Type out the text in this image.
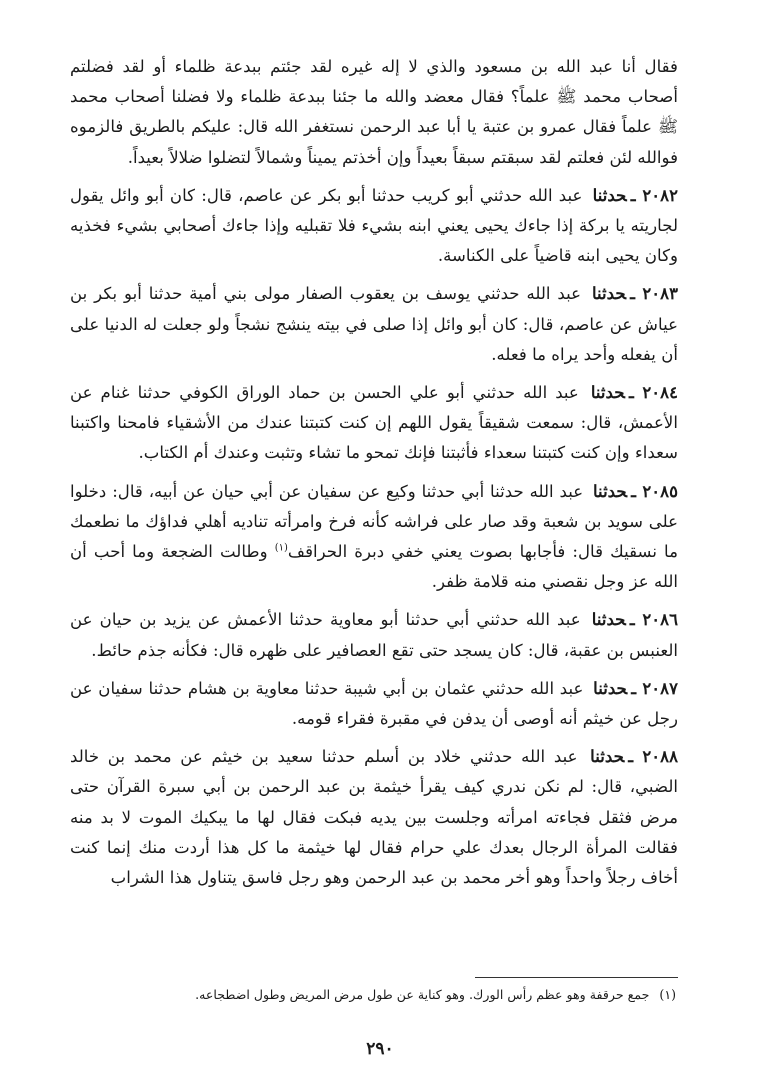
فقال أنا عبد الله بن مسعود والذي لا إله غيره لقد جئتم ببدعة ظلماء أو لقد فضلتم أصحاب محمد ﷺ علماً؟ فقال معضد والله ما جئنا ببدعة ظلماء ولا فضلنا أصحاب محمد ﷺ علماً فقال عمرو بن عتبة يا أبا عبد الرحمن نستغفر الله قال: عليكم بالطريق فالزموه فوالله لئن فعلتم لقد سبقتم سبقاً بعيداً وإن أخذتم يميناً وشمالاً لتضلوا ضلالاً بعيداً.

٢٠٨٢ ـحدثنا عبد الله حدثني أبو كريب حدثنا أبو بكر عن عاصم، قال: كان أبو وائل يقول لجاريته يا بركة إذا جاءك يحيى يعني ابنه بشيء فلا تقبليه وإذا جاءك أصحابي بشيء فخذيه وكان يحيى ابنه قاضياً على الكناسة.

٢٠٨٣ ـحدثنا عبد الله حدثني يوسف بن يعقوب الصفار مولى بني أمية حدثنا أبو بكر بن عياش عن عاصم، قال: كان أبو وائل إذا صلى في بيته ينشج نشجاً ولو جعلت له الدنيا على أن يفعله وأحد يراه ما فعله.

٢٠٨٤ ـحدثنا عبد الله حدثني أبو علي الحسن بن حماد الوراق الكوفي حدثنا غنام عن الأعمش، قال: سمعت شقيقاً يقول اللهم إن كنت كتبتنا عندك من الأشقياء فامحنا واكتبنا سعداء وإن كنت كتبتنا سعداء فأثبتنا فإنك تمحو ما تشاء وتثبت وعندك أم الكتاب.

٢٠٨٥ ـحدثنا عبد الله حدثنا أبي حدثنا وكيع عن سفيان عن أبي حيان عن أبيه، قال: دخلوا على سويد بن شعبة وقد صار على فراشه كأنه فرخ وامرأته تناديه أهلي فداؤك ما نطعمك ما نسقيك قال: فأجابها بصوت يعني خفي دبرة الحراقف$^{(١)}$ وطالت الضجعة وما أحب أن الله عز وجل نقصني منه قلامة ظفر.

٢٠٨٦ ـحدثنا عبد الله حدثني أبي حدثنا أبو معاوية حدثنا الأعمش عن يزيد بن حيان عن العنبس بن عقبة، قال: كان يسجد حتى تقع العصافير على ظهره قال: فكأنه جذم حائط.

٢٠٨٧ ـحدثنا عبد الله حدثني عثمان بن أبي شيبة حدثنا معاوية بن هشام حدثنا سفيان عن رجل عن خيثم أنه أوصى أن يدفن في مقبرة فقراء قومه.

٢٠٨٨ ـحدثنا عبد الله حدثني خلاد بن أسلم حدثنا سعيد بن خيثم عن محمد بن خالد الضبي، قال: لم نكن ندري كيف يقرأ خيثمة بن عبد الرحمن بن أبي سبرة القرآن حتى مرض فثقل فجاءته امرأته وجلست بين يديه فبكت فقال لها ما يبكيك الموت لا بد منه فقالت المرأة الرجال بعدك علي حرام فقال لها خيثمة ما كل هذا أردت منك إنما كنت أخاف رجلاً واحداً وهو أخر محمد بن عبد الرحمن وهو رجل فاسق يتناول هذا الشراب

(١)جمع حرقفة وهو عظم رأس الورك. وهو كناية عن طول مرض المريض وطول اضطجاعه.
٢٩٠
